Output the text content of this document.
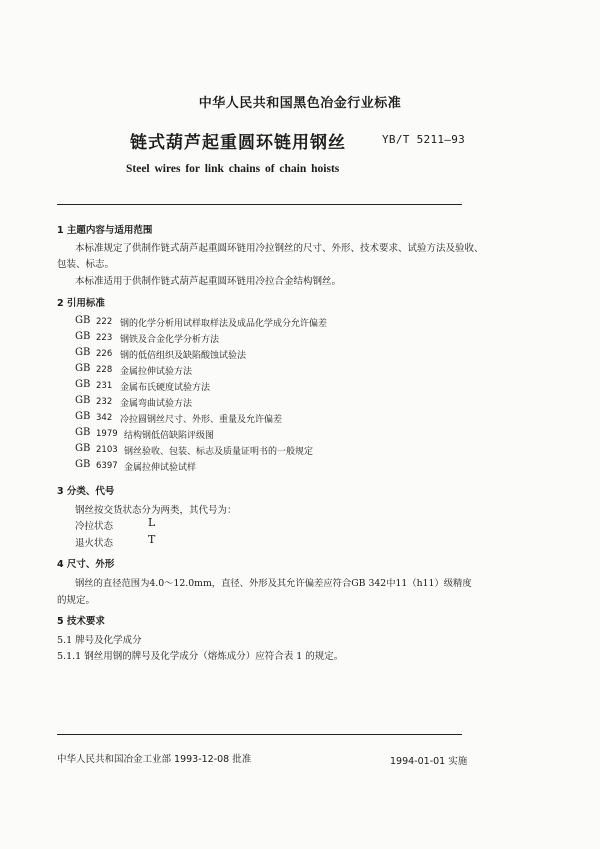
中华人民共和国黑色冶金行业标准
链式葫芦起重圆环链用钢丝	YB/T 5211—93
Steel wires for link chains of chain hoists
1 主题内容与适用范围
本标准规定了供制作链式葫芦起重圆环链用冷拉钢丝的尺寸、外形、技术要求、试验方法及验收、
包装、标志。
本标准适用于供制作链式葫芦起重圆环链用冷拉合金结构钢丝。
2 引用标准
GB 222 钢的化学分析用试样取样法及成品化学成分允许偏差
GB 223 钢铁及合金化学分析方法
GB 226 钢的低倍组织及缺陷酸蚀试验法
GB 228 金属拉伸试验方法
GB 231 金属布氏硬度试验方法
GB 232 金属弯曲试验方法
GB 342 冷拉圆钢丝尺寸、外形、重量及允许偏差
GB 1979 结构钢低倍缺陷评级图
GB 2103 钢丝验收、包装、标志及质量证明书的一般规定
GB 6397 金属拉伸试验试样
3 分类、代号
钢丝按交货状态分为两类，其代号为：
冷拉状态	L
退火状态	T
4 尺寸、外形
钢丝的直径范围为4.0～12.0mm，直径、外形及其允许偏差应符合GB 342中11（h11）级精度
的规定。
5 技术要求
5.1 牌号及化学成分
5.1.1 钢丝用钢的牌号及化学成分（熔炼成分）应符合表 1 的规定。
中华人民共和国冶金工业部 1993-12-08 批准	1994-01-01 实施
